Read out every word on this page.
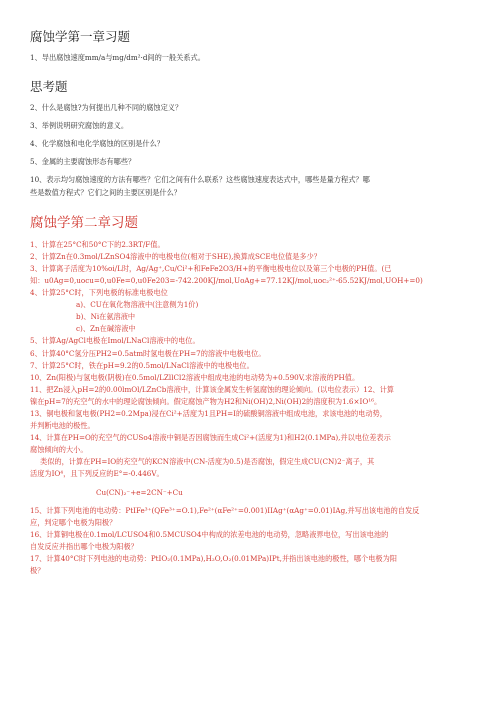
腐蚀学第一章习题
1、导出腐蚀速度mm/a与mg/dm²·d间的一般关系式。
思考题
2、什么是腐蚀?为何提出几种不同的腐蚀定义？
3、举例说明研究腐蚀的意义。
4、化学腐蚀和电化学腐蚀的区别是什么？
5、金属的主要腐蚀形态有哪些？
10、表示均匀腐蚀速度的方法有哪些？它们之间有什么联系？这些腐蚀速度表达式中，哪些是量方程式？哪
些是数值方程式？它们之间的主要区别是什么？
腐蚀学第二章习题
1、计算在25°C和50°C下的2.3RT/F值。
2、计算Zn在0.3mol/LZnSO4溶液中的电极电位(相对于SHE),换算成SCE电位值是多少？
3、计算离子活度为10%oi/L时，Ag/Ag⁺,Cu/Ci²+和FeFe2O3/H+的平衡电极电位以及第三个电极的PH值。(已
知：u0Ag=0,uocu=0,u0Fe=0,u0Fe203=-742.200KJ/mol,UoAg+=77.12KJ/mol,uoc₂²⁺-65.52KJ/mol,UOH+=0)
4、计算25°C时，下列电极的标准电极电位
a)、CU在氧化物溶液中(注意侧为1价)
b)、Ni在氨溶液中
c)、Zn在碱溶液中
5、计算Ag/AgCl电极在Imol/LNaCl溶液中的电位。
6、计算40°C氢分压PH2=0.5atm时氢电极在PH=7的溶液中电极电位。
7、计算25°C时，铁在pH=9.2的0.5mol/LNaCl溶液中的电极电位。
10、Zn(阳极)与氢电极(阴极)在0.5mol/LZllCl2溶液中组成电池的电动势为+0.590V,求溶液的PH值。
11、把Zn浸入pH=2的0.00lmOl/LZnCb溶液中，计算该金属发生析氢腐蚀的理论倾向。(以电位表示）12、计算
镍在pH=7的充空气的水中的理论腐蚀倾向。假定腐蚀产物为H2和Ni(OH)2,Ni(OH)2的溶度积为1.6×IO¹⁶。
13、铜电极和氢电极(PH2=0.2Mpa)浸在Ci²+活度为1且PH=I的硫酸铜溶液中组成电池，求该电池的电动势，
并判断电池的极性。
14、计算在PH=O的充空气的CUSo4溶液中铜是否因腐蚀而生成Ci²+(活度为1)和H2(0.1MPa),并以电位差表示
腐蚀倾向的大小。
类似的，计算在PH=IO的充空气的KCN溶液中(CN-活度为0.5)是否腐蚀，假定生成CU(CN)2⁻离子，其
活度为IO⁴，且下列反应的E°=-0.446V。
Cu(CN)₂⁻+e=2CN⁻+Cu
15、计算下列电池的电动势：PtIFe³⁺(QFe³⁺=O.1),Fe²⁺(αFe²⁺=0.001)IIAg⁺(αAg⁺=0.01)IAg,并写出该电池的自发反
应，判定哪个电极为阳极？
16、计算铜电极在0.1mol/LCUSO4和0.5MCUSO4中构成的浓差电池的电动势，忽略液界电位，写出该电池的
自发反应并指出哪个电极为阳极？
17、计算40°C时下列电池的电动势：PtIO₂(0.1MPa),H₂O,O₂(0.01MPa)IPt,并指出该电池的极性，哪个电极为阳
极？
